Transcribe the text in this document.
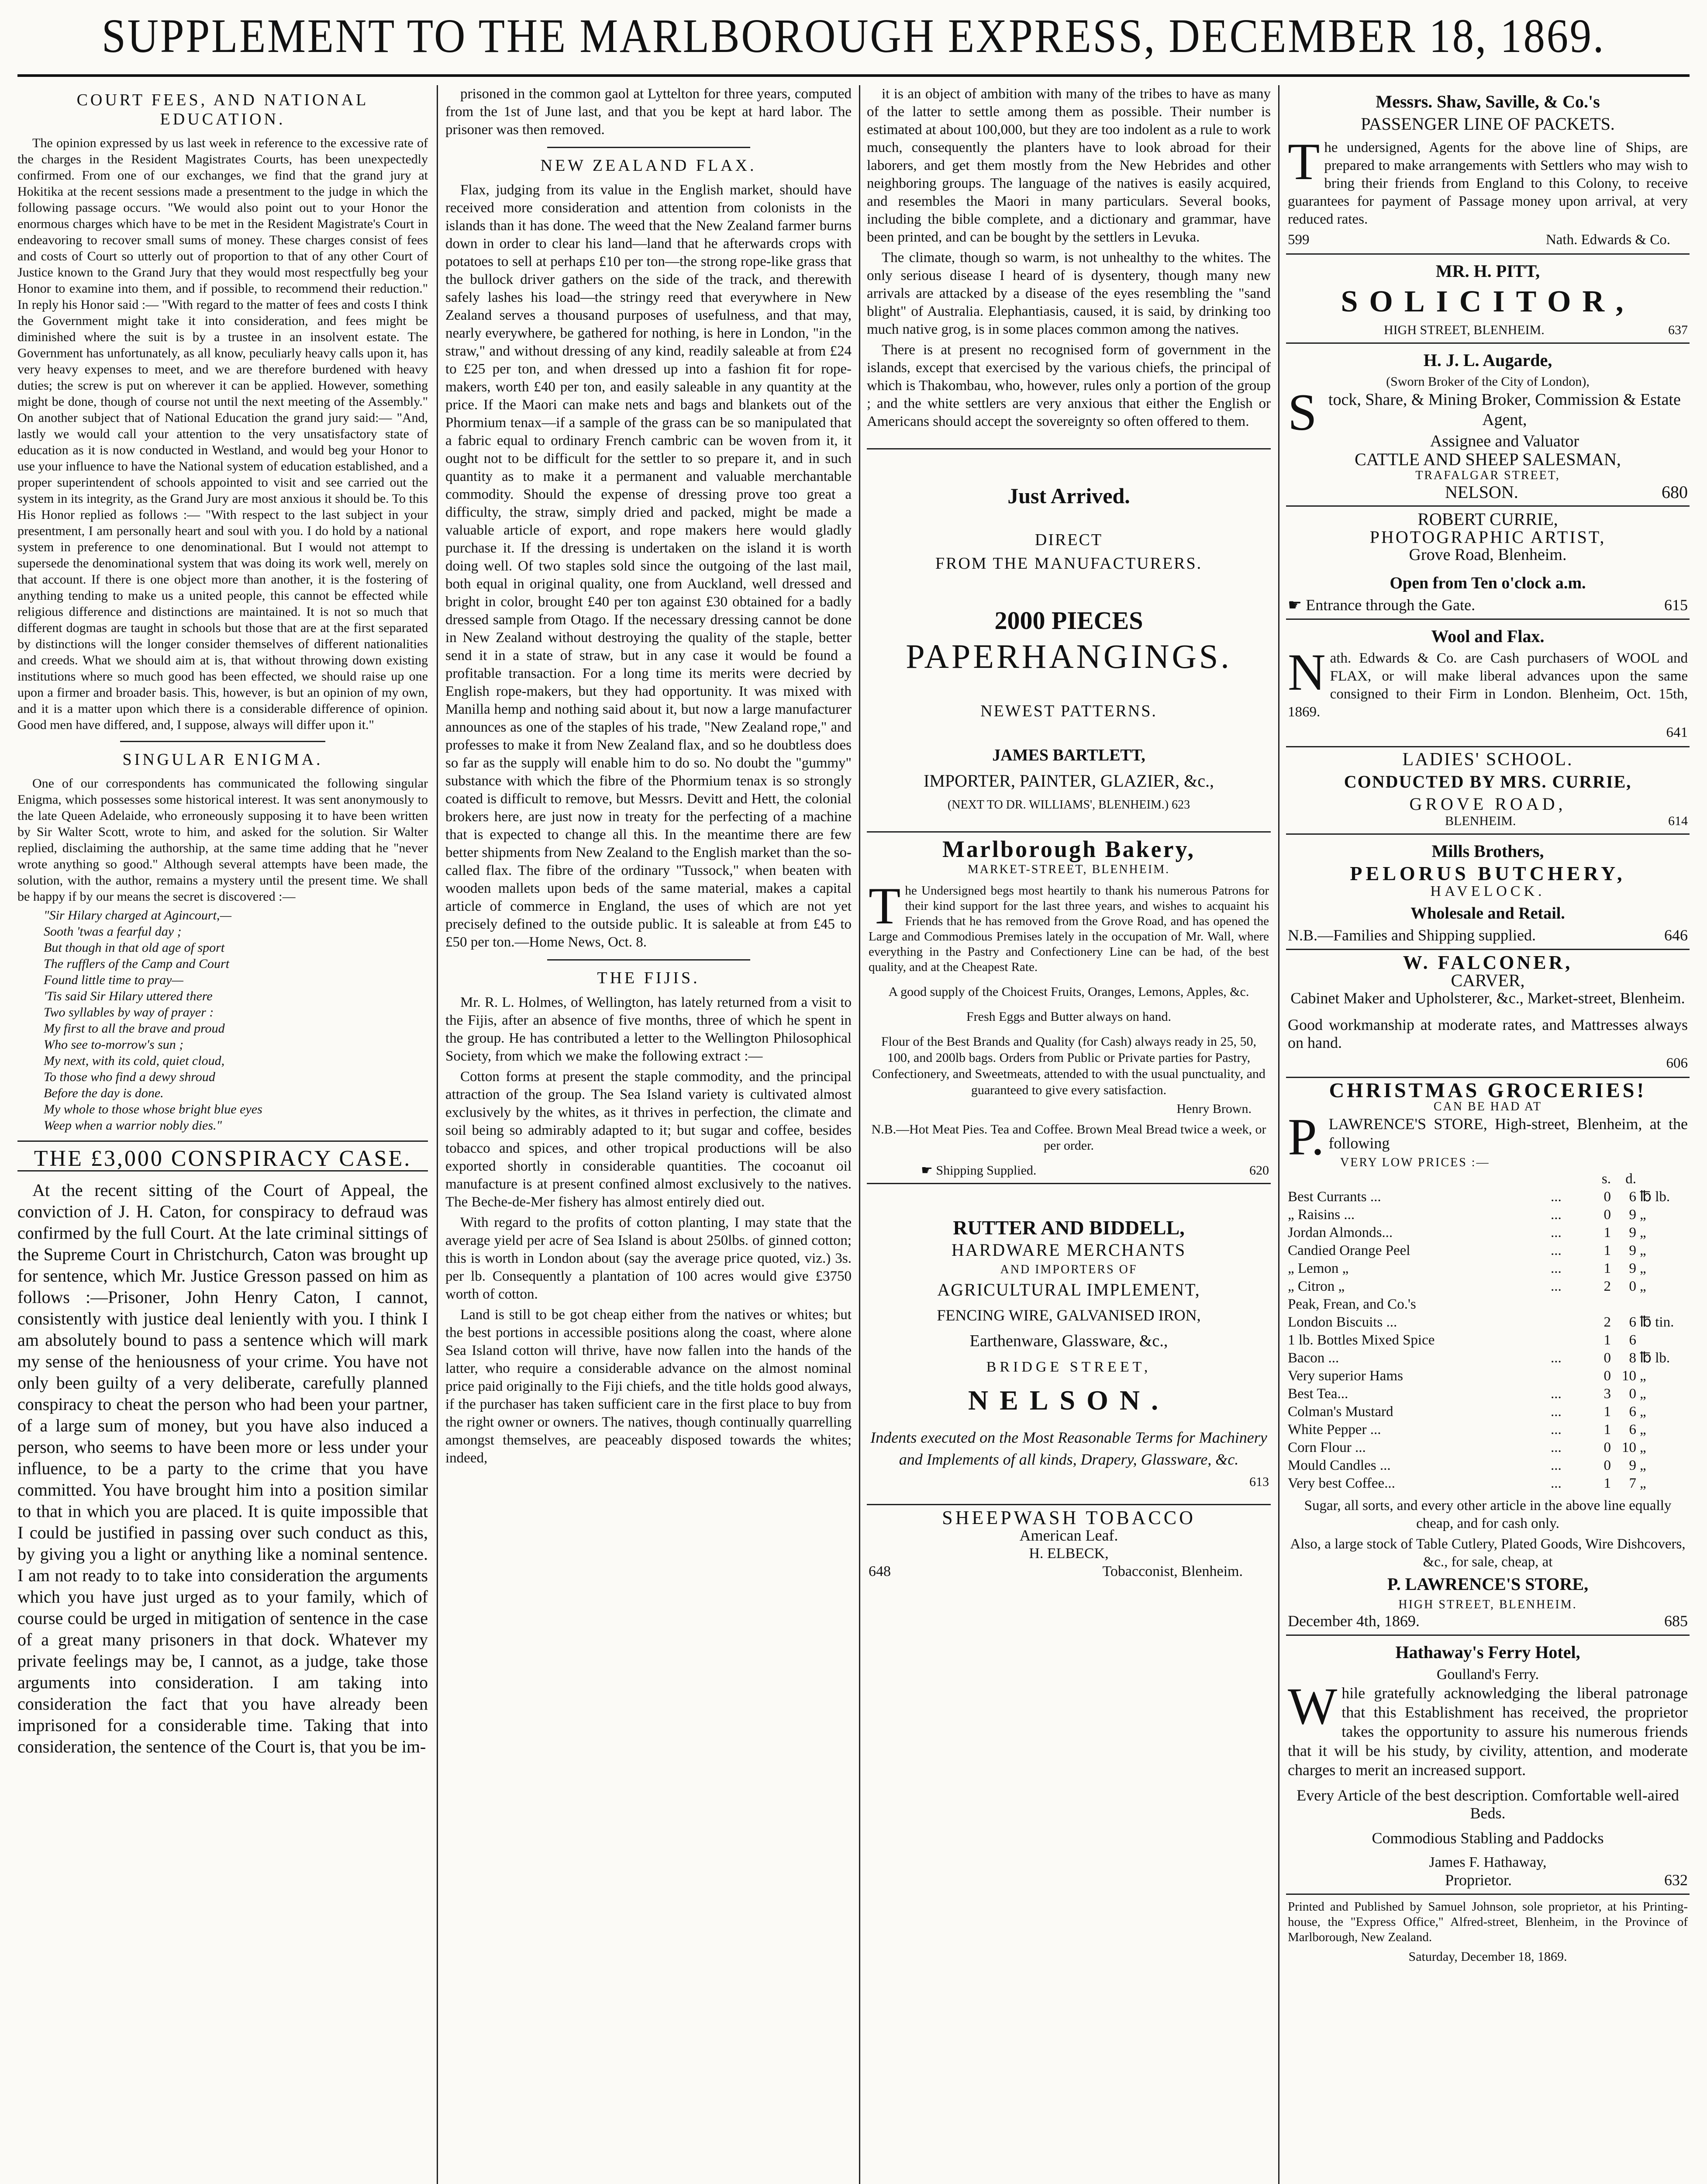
SUPPLEMENT TO THE MARLBOROUGH EXPRESS, DECEMBER 18, 1869.
COURT FEES, AND NATIONAL EDUCATION.

The opinion expressed by us last week in reference to the excessive rate of the charges in the Resident Magistrates Courts, has been unexpectedly confirmed. From one of our exchanges, we find that the grand jury at Hokitika at the recent sessions made a presentment to the judge in which the following passage occurs. "We would also point out to your Honor the enormous charges which have to be met in the Resident Magistrate's Court in endeavoring to recover small sums of money. These charges consist of fees and costs of Court so utterly out of proportion to that of any other Court of Justice known to the Grand Jury that they would most respectfully beg your Honor to examine into them, and if possible, to recommend their reduction." In reply his Honor said :— "With regard to the matter of fees and costs I think the Government might take it into consideration, and fees might be diminished where the suit is by a trustee in an insolvent estate. The Government has unfortunately, as all know, peculiarly heavy calls upon it, has very heavy expenses to meet, and we are therefore burdened with heavy duties; the screw is put on wherever it can be applied. However, something might be done, though of course not until the next meeting of the Assembly." On another subject that of National Education the grand jury said:— "And, lastly we would call your attention to the very unsatisfactory state of education as it is now conducted in Westland, and would beg your Honor to use your influence to have the National system of education established, and a proper superintendent of schools appointed to visit and see carried out the system in its integrity, as the Grand Jury are most anxious it should be. To this His Honor replied as follows :— "With respect to the last subject in your presentment, I am personally heart and soul with you. I do hold by a national system in preference to one denominational. But I would not attempt to supersede the denominational system that was doing its work well, merely on that account. If there is one object more than another, it is the fostering of anything tending to make us a united people, this cannot be effected while religious difference and distinctions are maintained. It is not so much that different dogmas are taught in schools but those that are at the first separated by distinctions will the longer consider themselves of different nationalities and creeds. What we should aim at is, that without throwing down existing institutions where so much good has been effected, we should raise up one upon a firmer and broader basis. This, however, is but an opinion of my own, and it is a matter upon which there is a considerable difference of opinion. Good men have differed, and, I suppose, always will differ upon it."

SINGULAR ENIGMA.

One of our correspondents has communicated the following singular Enigma, which possesses some historical interest. It was sent anonymously to the late Queen Adelaide, who erroneously supposing it to have been written by Sir Walter Scott, wrote to him, and asked for the solution. Sir Walter replied, disclaiming the authorship, at the same time adding that he "never wrote anything so good." Although several attempts have been made, the solution, with the author, remains a mystery until the present time. We shall be happy if by our means the secret is discovered :—

"Sir Hilary charged at Agincourt,—

Sooth 'twas a fearful day ;

But though in that old age of sport

The rufflers of the Camp and Court

Found little time to pray—

'Tis said Sir Hilary uttered there

Two syllables by way of prayer :

My first to all the brave and proud

Who see to-morrow's sun ;

My next, with its cold, quiet cloud,

To those who find a dewy shroud

Before the day is done.

My whole to those whose bright blue eyes

Weep when a warrior nobly dies."

THE £3,000 CONSPIRACY CASE.

At the recent sitting of the Court of Appeal, the conviction of J. H. Caton, for conspiracy to defraud was confirmed by the full Court. At the late criminal sittings of the Supreme Court in Christchurch, Caton was brought up for sentence, which Mr. Justice Gresson passed on him as follows :—Prisoner, John Henry Caton, I cannot, consistently with justice deal leniently with you. I think I am absolutely bound to pass a sentence which will mark my sense of the heniousness of your crime. You have not only been guilty of a very deliberate, carefully planned conspiracy to cheat the person who had been your partner, of a large sum of money, but you have also induced a person, who seems to have been more or less under your influence, to be a party to the crime that you have committed. You have brought him into a position similar to that in which you are placed. It is quite impossible that I could be justified in passing over such conduct as this, by giving you a light or anything like a nominal sentence. I am not ready to to take into consideration the arguments which you have just urged as to your family, which of course could be urged in mitigation of sentence in the case of a great many prisoners in that dock. Whatever my private feelings may be, I cannot, as a judge, take those arguments into consideration. I am taking into consideration the fact that you have already been imprisoned for a considerable time. Taking that into consideration, the sentence of the Court is, that you be im-

prisoned in the common gaol at Lyttelton for three years, computed from the 1st of June last, and that you be kept at hard labor. The prisoner was then removed.

NEW ZEALAND FLAX.

Flax, judging from its value in the English market, should have received more consideration and attention from colonists in the islands than it has done. The weed that the New Zealand farmer burns down in order to clear his land—land that he afterwards crops with potatoes to sell at perhaps £10 per ton—the strong rope-like grass that the bullock driver gathers on the side of the track, and therewith safely lashes his load—the stringy reed that everywhere in New Zealand serves a thousand purposes of usefulness, and that may, nearly everywhere, be gathered for nothing, is here in London, "in the straw," and without dressing of any kind, readily saleable at from £24 to £25 per ton, and when dressed up into a fashion fit for rope-makers, worth £40 per ton, and easily saleable in any quantity at the price. If the Maori can make nets and bags and blankets out of the Phormium tenax—if a sample of the grass can be so manipulated that a fabric equal to ordinary French cambric can be woven from it, it ought not to be difficult for the settler to so prepare it, and in such quantity as to make it a permanent and valuable merchantable commodity. Should the expense of dressing prove too great a difficulty, the straw, simply dried and packed, might be made a valuable article of export, and rope makers here would gladly purchase it. If the dressing is undertaken on the island it is worth doing well. Of two staples sold since the outgoing of the last mail, both equal in original quality, one from Auckland, well dressed and bright in color, brought £40 per ton against £30 obtained for a badly dressed sample from Otago. If the necessary dressing cannot be done in New Zealand without destroying the quality of the staple, better send it in a state of straw, but in any case it would be found a profitable transaction. For a long time its merits were decried by English rope-makers, but they had opportunity. It was mixed with Manilla hemp and nothing said about it, but now a large manufacturer announces as one of the staples of his trade, "New Zealand rope," and professes to make it from New Zealand flax, and so he doubtless does so far as the supply will enable him to do so. No doubt the "gummy" substance with which the fibre of the Phormium tenax is so strongly coated is difficult to remove, but Messrs. Devitt and Hett, the colonial brokers here, are just now in treaty for the perfecting of a machine that is expected to change all this. In the meantime there are few better shipments from New Zealand to the English market than the so-called flax. The fibre of the ordinary "Tussock," when beaten with wooden mallets upon beds of the same material, makes a capital article of commerce in England, the uses of which are not yet precisely defined to the outside public. It is saleable at from £45 to £50 per ton.—Home News, Oct. 8.

THE FIJIS.

Mr. R. L. Holmes, of Wellington, has lately returned from a visit to the Fijis, after an absence of five months, three of which he spent in the group. He has contributed a letter to the Wellington Philosophical Society, from which we make the following extract :—

Cotton forms at present the staple commodity, and the principal attraction of the group. The Sea Island variety is cultivated almost exclusively by the whites, as it thrives in perfection, the climate and soil being so admirably adapted to it; but sugar and coffee, besides tobacco and spices, and other tropical productions will be also exported shortly in considerable quantities. The cocoanut oil manufacture is at present confined almost exclusively to the natives. The Beche-de-Mer fishery has almost entirely died out.

With regard to the profits of cotton planting, I may state that the average yield per acre of Sea Island is about 250lbs. of ginned cotton; this is worth in London about (say the average price quoted, viz.) 3s. per lb. Consequently a plantation of 100 acres would give £3750 worth of cotton.

Land is still to be got cheap either from the natives or whites; but the best portions in accessible positions along the coast, where alone Sea Island cotton will thrive, have now fallen into the hands of the latter, who require a considerable advance on the almost nominal price paid originally to the Fiji chiefs, and the title holds good always, if the purchaser has taken sufficient care in the first place to buy from the right owner or owners. The natives, though continually quarrelling amongst themselves, are peaceably disposed towards the whites; indeed,

it is an object of ambition with many of the tribes to have as many of the latter to settle among them as possible. Their number is estimated at about 100,000, but they are too indolent as a rule to work much, consequently the planters have to look abroad for their laborers, and get them mostly from the New Hebrides and other neighboring groups. The language of the natives is easily acquired, and resembles the Maori in many particulars. Several books, including the bible complete, and a dictionary and grammar, have been printed, and can be bought by the settlers in Levuka.

The climate, though so warm, is not unhealthy to the whites. The only serious disease I heard of is dysentery, though many new arrivals are attacked by a disease of the eyes resembling the "sand blight" of Australia. Elephantiasis, caused, it is said, by drinking too much native grog, is in some places common among the natives.

There is at present no recognised form of government in the islands, except that exercised by the various chiefs, the principal of which is Thakombau, who, however, rules only a portion of the group ; and the white settlers are very anxious that either the English or Americans should accept the sovereignty so often offered to them.

Just Arrived.
DIRECT
FROM THE MANUFACTURERS.
2000 PIECES
PAPERHANGINGS.
NEWEST PATTERNS.
JAMES BARTLETT,
IMPORTER, PAINTER, GLAZIER, &c.,
(NEXT TO DR. WILLIAMS', BLENHEIM.) 623
Marlborough Bakery,
MARKET-STREET, BLENHEIM.

The Undersigned begs most heartily to thank his numerous Patrons for their kind support for the last three years, and wishes to acquaint his Friends that he has removed from the Grove Road, and has opened the Large and Commodious Premises lately in the occupation of Mr. Wall, where everything in the Pastry and Confectionery Line can be had, of the best quality, and at the Cheapest Rate.

A good supply of the Choicest Fruits, Oranges, Lemons, Apples, &c.

Fresh Eggs and Butter always on hand.

Flour of the Best Brands and Quality (for Cash) always ready in 25, 50, 100, and 200lb bags. Orders from Public or Private parties for Pastry, Confectionery, and Sweetmeats, attended to with the usual punctuality, and guaranteed to give every satisfaction.

Henry Brown.

N.B.—Hot Meat Pies. Tea and Coffee. Brown Meal Bread twice a week, or per order.

☛ Shipping Supplied.	620
RUTTER AND BIDDELL,
HARDWARE MERCHANTS
AND IMPORTERS OF
AGRICULTURAL IMPLEMENT,
FENCING WIRE, GALVANISED IRON,
Earthenware, Glassware, &c.,
BRIDGE STREET,
NELSON.

Indents executed on the Most Reasonable Terms for Machinery and Implements of all kinds, Drapery, Glassware, &c.

613
SHEEPWASH TOBACCO
American Leaf.
H. ELBECK,
648	Tobacconist, Blenheim.
Messrs. Shaw, Saville, & Co.'s
PASSENGER LINE OF PACKETS.

The undersigned, Agents for the above line of Ships, are prepared to make arrangements with Settlers who may wish to bring their friends from England to this Colony, to receive guarantees for payment of Passage money upon arrival, at very reduced rates.

599	Nath. Edwards & Co.
MR. H. PITT,
SOLICITOR,
HIGH STREET, BLENHEIM.	637
H. J. L. Augarde,
(Sworn Broker of the City of London),

Stock, Share, & Mining Broker, Commission & Estate Agent,

Assignee and Valuator
CATTLE AND SHEEP SALESMAN,
TRAFALGAR STREET,
NELSON.	680
ROBERT CURRIE,
PHOTOGRAPHIC ARTIST,
Grove Road, Blenheim.
Open from Ten o'clock a.m.
☛ Entrance through the Gate.	615
Wool and Flax.

Nath. Edwards & Co. are Cash purchasers of WOOL and FLAX, or will make liberal advances upon the same consigned to their Firm in London. Blenheim, Oct. 15th, 1869.

641
LADIES' SCHOOL.
CONDUCTED BY MRS. CURRIE,
GROVE ROAD,
BLENHEIM.	614
Mills Brothers,
PELORUS BUTCHERY,
HAVELOCK.
Wholesale and Retail.
N.B.—Families and Shipping supplied.	646
W. FALCONER,
CARVER,

Cabinet Maker and Upholsterer, &c., Market-street, Blenheim.

Good workmanship at moderate rates, and Mattresses always on hand.

606
CHRISTMAS GROCERIES!
CAN BE HAD AT

P.LAWRENCE'S STORE, High-street, Blenheim, at the following

VERY LOW PRICES :—
		s.	d.	
Best Currants ...	...	0	6	℔ lb.
„ Raisins ...	...	0	9	„
Jordan Almonds...	...	1	9	„
Candied Orange Peel	...	1	9	„
„ Lemon „	...	1	9	„
„ Citron „	...	2	0	„
Peak, Frean, and Co.'s				
London Biscuits ...		2	6	℔ tin.
1 lb. Bottles Mixed Spice		1	6	
Bacon ...	...	0	8	℔ lb.
Very superior Hams		0	10	„
Best Tea...	...	3	0	„
Colman's Mustard	...	1	6	„
White Pepper ...	...	1	6	„
Corn Flour ...	...	0	10	„
Mould Candles ...	...	0	9	„
Very best Coffee...	...	1	7	„

Sugar, all sorts, and every other article in the above line equally cheap, and for cash only.

Also, a large stock of Table Cutlery, Plated Goods, Wire Dishcovers, &c., for sale, cheap, at

P. LAWRENCE'S STORE,
HIGH STREET, BLENHEIM.
December 4th, 1869.	685
Hathaway's Ferry Hotel,
Goulland's Ferry.

While gratefully acknowledging the liberal patronage that this Establishment has received, the proprietor takes the opportunity to assure his numerous friends that it will be his study, by civility, attention, and moderate charges to merit an increased support.

Every Article of the best description. Comfortable well-aired Beds.

Commodious Stabling and Paddocks

James F. Hathaway,
Proprietor.	632

Printed and Published by Samuel Johnson, sole proprietor, at his Printing-house, the "Express Office," Alfred-street, Blenheim, in the Province of Marlborough, New Zealand.

Saturday, December 18, 1869.
